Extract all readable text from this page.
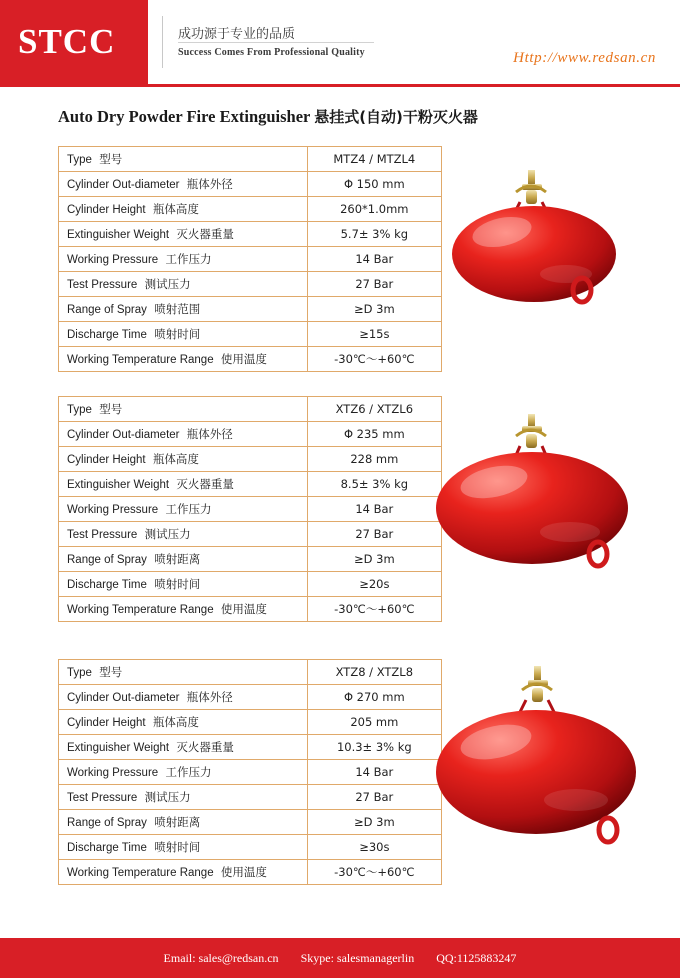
STCC	成功源于专业的品质
Success Comes From Professional Quality	Http://www.redsan.cn
Auto Dry Powder Fire Extinguisher 悬挂式(自动)干粉灭火器
Type 型号	MTZ4 / MTZL4
Cylinder Out-diameter 瓶体外径	Φ 150 mm
Cylinder Height 瓶体高度	260*1.0mm
Extinguisher Weight 灭火器重量	5.7± 3% kg
Working Pressure 工作压力	14 Bar
Test Pressure 测试压力	27 Bar
Range of Spray 喷射范围	≥D 3m
Discharge Time 喷射时间	≥15s
Working Temperature Range 使用温度	-30℃～+60℃
Type 型号	XTZ6 / XTZL6
Cylinder Out-diameter 瓶体外径	Φ 235 mm
Cylinder Height 瓶体高度	228 mm
Extinguisher Weight 灭火器重量	8.5± 3% kg
Working Pressure 工作压力	14 Bar
Test Pressure 测试压力	27 Bar
Range of Spray 喷射距离	≥D 3m
Discharge Time 喷射时间	≥20s
Working Temperature Range 使用温度	-30℃～+60℃
Type 型号	XTZ8 / XTZL8
Cylinder Out-diameter 瓶体外径	Φ 270 mm
Cylinder Height 瓶体高度	205 mm
Extinguisher Weight 灭火器重量	10.3± 3% kg
Working Pressure 工作压力	14 Bar
Test Pressure 测试压力	27 Bar
Range of Spray 喷射距离	≥D 3m
Discharge Time 喷射时间	≥30s
Working Temperature Range 使用温度	-30℃～+60℃
Email: sales@redsan.cn Skype: salesmanagerlin QQ:1125883247
